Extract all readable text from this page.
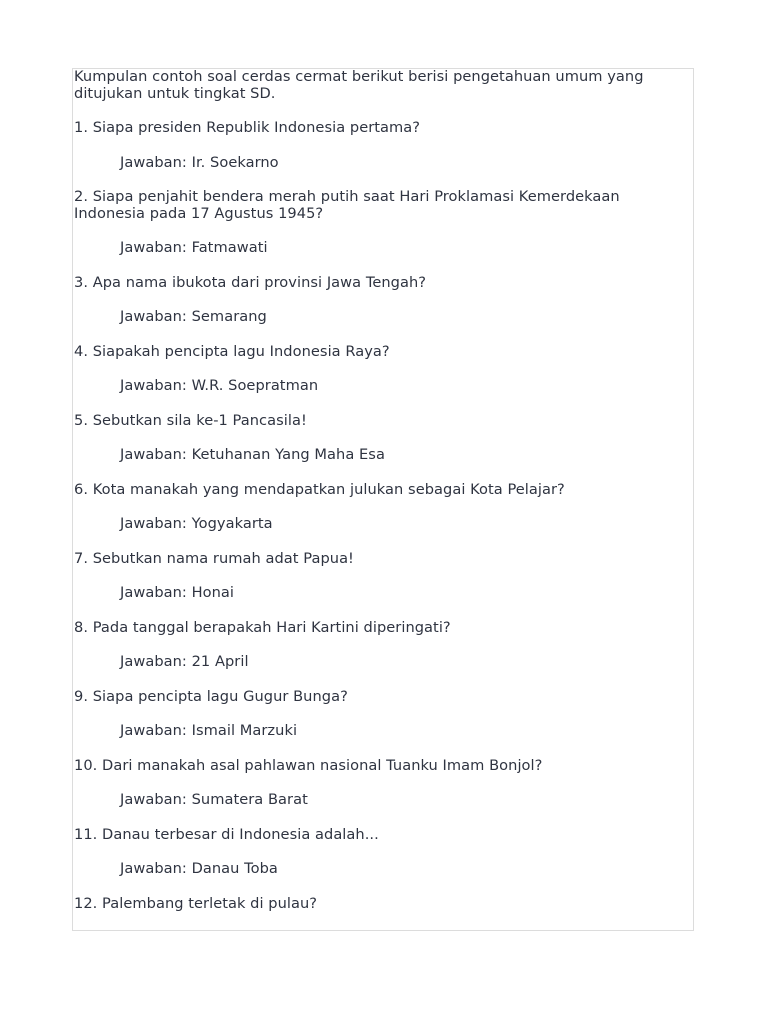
Kumpulan contoh soal cerdas cermat berikut berisi pengetahuan umum yang ditujukan untuk tingkat SD.

1. Siapa presiden Republik Indonesia pertama?

Jawaban: Ir. Soekarno

2. Siapa penjahit bendera merah putih saat Hari Proklamasi Kemerdekaan Indonesia pada 17 Agustus 1945?

Jawaban: Fatmawati

3. Apa nama ibukota dari provinsi Jawa Tengah?

Jawaban: Semarang

4. Siapakah pencipta lagu Indonesia Raya?

Jawaban: W.R. Soepratman

5. Sebutkan sila ke-1 Pancasila!

Jawaban: Ketuhanan Yang Maha Esa

6. Kota manakah yang mendapatkan julukan sebagai Kota Pelajar?

Jawaban: Yogyakarta

7. Sebutkan nama rumah adat Papua!

Jawaban: Honai

8. Pada tanggal berapakah Hari Kartini diperingati?

Jawaban: 21 April

9. Siapa pencipta lagu Gugur Bunga?

Jawaban: Ismail Marzuki

10. Dari manakah asal pahlawan nasional Tuanku Imam Bonjol?

Jawaban: Sumatera Barat

11. Danau terbesar di Indonesia adalah...

Jawaban: Danau Toba

12. Palembang terletak di pulau?
